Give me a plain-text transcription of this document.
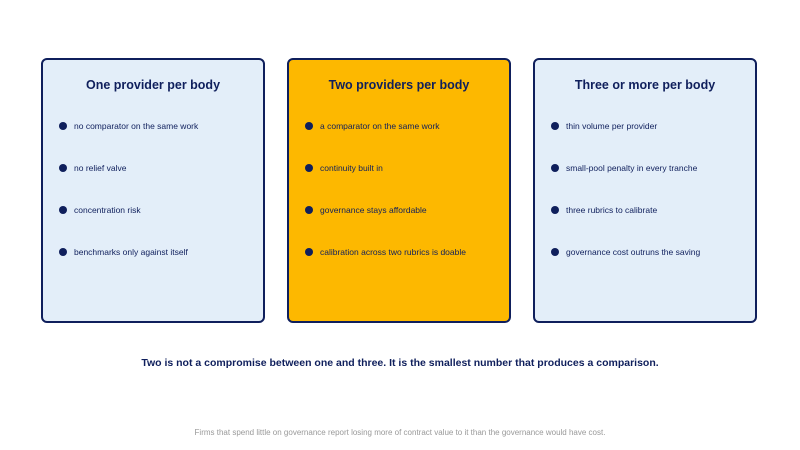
One provider per body
no comparator on the same work
no relief valve
concentration risk
benchmarks only against itself
Two providers per body
a comparator on the same work
continuity built in
governance stays affordable
calibration across two rubrics is doable
Three or more per body
thin volume per provider
small-pool penalty in every tranche
three rubrics to calibrate
governance cost outruns the saving
Two is not a compromise between one and three. It is the smallest number that produces a comparison.
Firms that spend little on governance report losing more of contract value to it than the governance would have cost.
